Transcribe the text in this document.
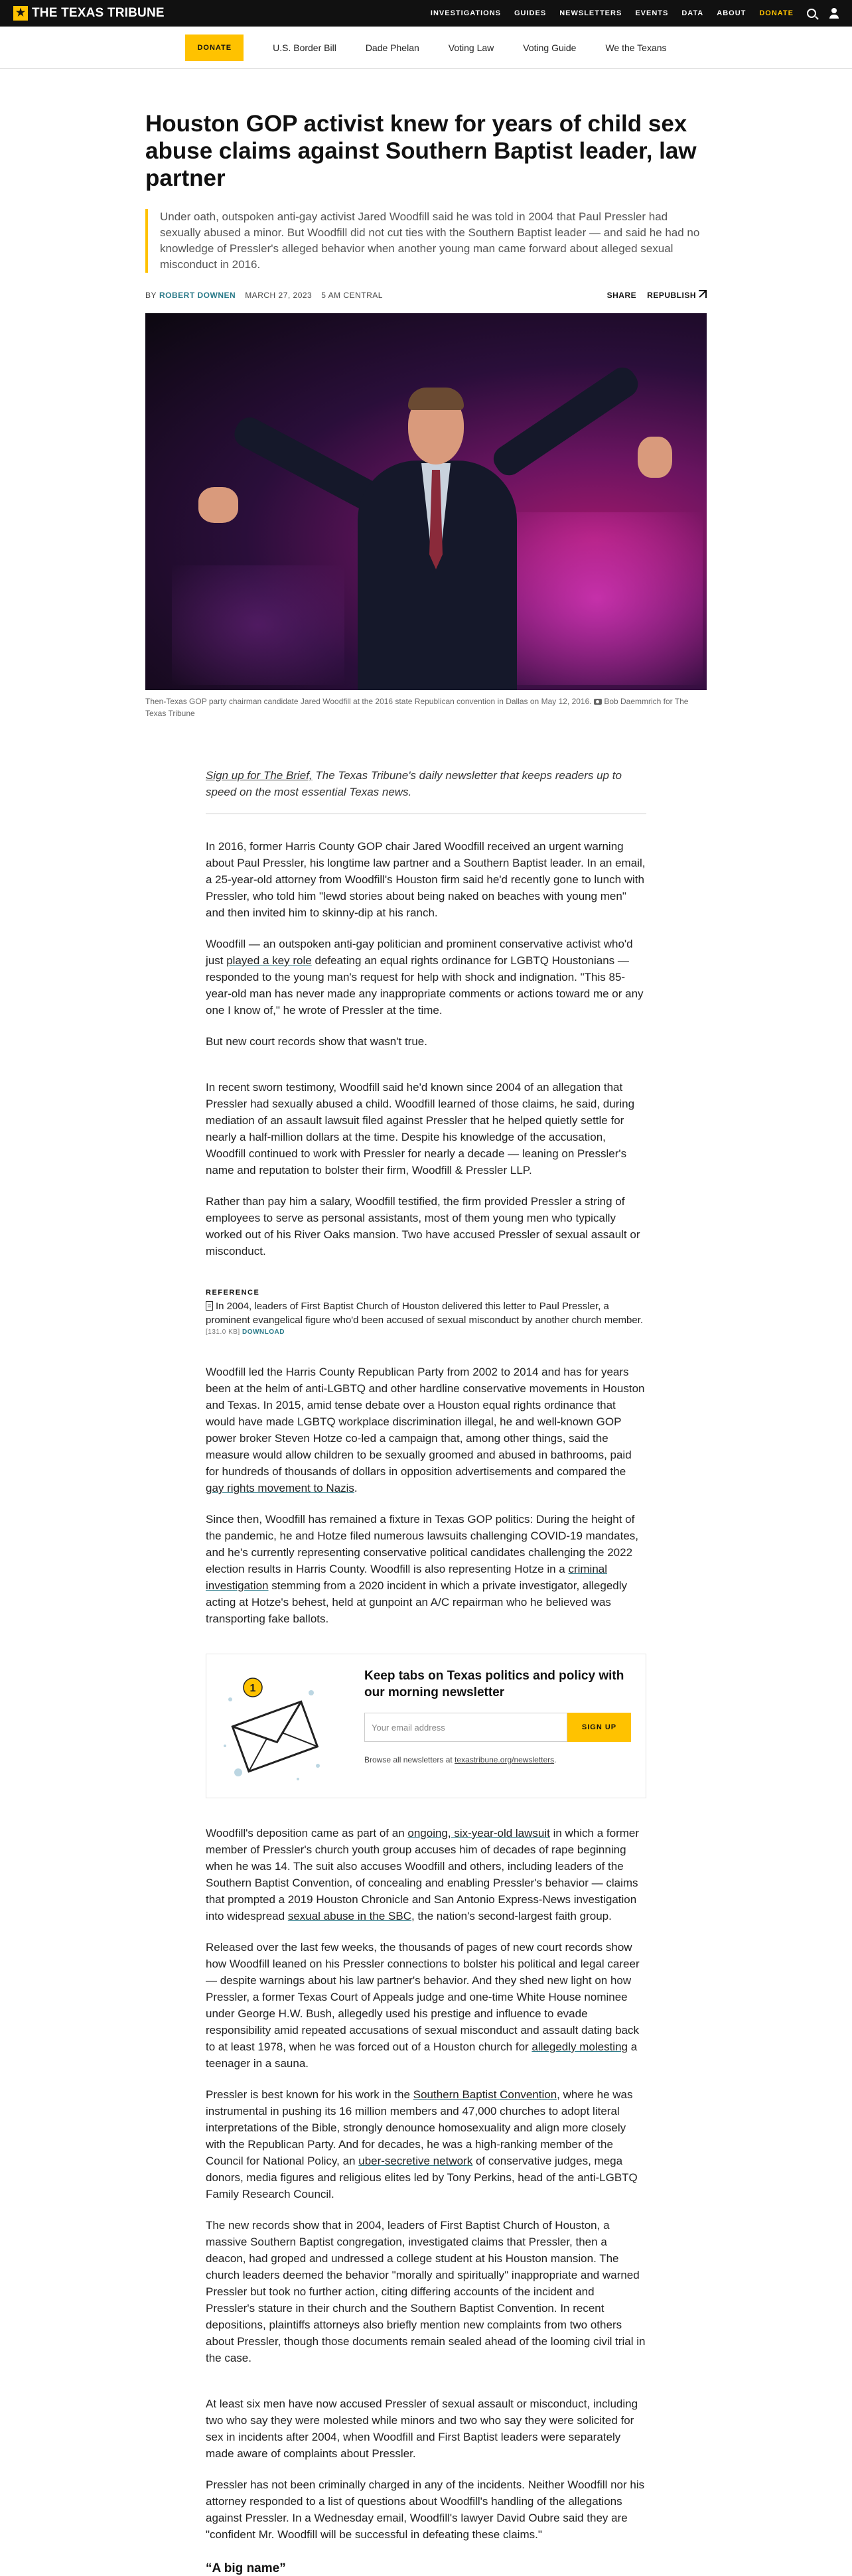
★ THE TEXAS TRIBUNE	INVESTIGATIONS GUIDES NEWSLETTERS EVENTS DATA ABOUT DONATE
DONATE	U.S. Border Bill	Dade Phelan	Voting Law	Voting Guide	We the Texans
Houston GOP activist knew for years of child sex abuse claims against Southern Baptist leader, law partner
Under oath, outspoken anti-gay activist Jared Woodfill said he was told in 2004 that Paul Pressler had sexually abused a minor. But Woodfill did not cut ties with the Southern Baptist leader — and said he had no knowledge of Pressler's alleged behavior when another young man came forward about alleged sexual misconduct in 2016.
BY ROBERT DOWNEN MARCH 27, 2023 5 AM CENTRAL	SHARE REPUBLISH
Then-Texas GOP party chairman candidate Jared Woodfill at the 2016 state Republican convention in Dallas on May 12, 2016. Bob Daemmrich for The Texas Tribune

Sign up for The Brief, The Texas Tribune's daily newsletter that keeps readers up to speed on the most essential Texas news.

In 2016, former Harris County GOP chair Jared Woodfill received an urgent warning about Paul Pressler, his longtime law partner and a Southern Baptist leader. In an email, a 25-year-old attorney from Woodfill's Houston firm said he'd recently gone to lunch with Pressler, who told him "lewd stories about being naked on beaches with young men" and then invited him to skinny-dip at his ranch.

Woodfill — an outspoken anti-gay politician and prominent conservative activist who'd just played a key role defeating an equal rights ordinance for LGBTQ Houstonians — responded to the young man's request for help with shock and indignation. "This 85-year-old man has never made any inappropriate comments or actions toward me or any one I know of," he wrote of Pressler at the time.

But new court records show that wasn't true.

In recent sworn testimony, Woodfill said he'd known since 2004 of an allegation that Pressler had sexually abused a child. Woodfill learned of those claims, he said, during mediation of an assault lawsuit filed against Pressler that he helped quietly settle for nearly a half-million dollars at the time. Despite his knowledge of the accusation, Woodfill continued to work with Pressler for nearly a decade — leaning on Pressler's name and reputation to bolster their firm, Woodfill & Pressler LLP.

Rather than pay him a salary, Woodfill testified, the firm provided Pressler a string of employees to serve as personal assistants, most of them young men who typically worked out of his River Oaks mansion. Two have accused Pressler of sexual assault or misconduct.

REFERENCE
In 2004, leaders of First Baptist Church of Houston delivered this letter to Paul Pressler, a prominent evangelical figure who'd been accused of sexual misconduct by another church member.
[131.0 KB] DOWNLOAD

Woodfill led the Harris County Republican Party from 2002 to 2014 and has for years been at the helm of anti-LGBTQ and other hardline conservative movements in Houston and Texas. In 2015, amid tense debate over a Houston equal rights ordinance that would have made LGBTQ workplace discrimination illegal, he and well-known GOP power broker Steven Hotze co-led a campaign that, among other things, said the measure would allow children to be sexually groomed and abused in bathrooms, paid for hundreds of thousands of dollars in opposition advertisements and compared the gay rights movement to Nazis.

Since then, Woodfill has remained a fixture in Texas GOP politics: During the height of the pandemic, he and Hotze filed numerous lawsuits challenging COVID-19 mandates, and he's currently representing conservative political candidates challenging the 2022 election results in Harris County. Woodfill is also representing Hotze in a criminal investigation stemming from a 2020 incident in which a private investigator, allegedly acting at Hotze's behest, held at gunpoint an A/C repairman who he believed was transporting fake ballots.

1
Keep tabs on Texas politics and policy with our morning newsletter
Your email address	SIGN UP
Browse all newsletters at texastribune.org/newsletters.

Woodfill's deposition came as part of an ongoing, six-year-old lawsuit in which a former member of Pressler's church youth group accuses him of decades of rape beginning when he was 14. The suit also accuses Woodfill and others, including leaders of the Southern Baptist Convention, of concealing and enabling Pressler's behavior — claims that prompted a 2019 Houston Chronicle and San Antonio Express-News investigation into widespread sexual abuse in the SBC, the nation's second-largest faith group.

Released over the last few weeks, the thousands of pages of new court records show how Woodfill leaned on his Pressler connections to bolster his political and legal career — despite warnings about his law partner's behavior. And they shed new light on how Pressler, a former Texas Court of Appeals judge and one-time White House nominee under George H.W. Bush, allegedly used his prestige and influence to evade responsibility amid repeated accusations of sexual misconduct and assault dating back to at least 1978, when he was forced out of a Houston church for allegedly molesting a teenager in a sauna.

Pressler is best known for his work in the Southern Baptist Convention, where he was instrumental in pushing its 16 million members and 47,000 churches to adopt literal interpretations of the Bible, strongly denounce homosexuality and align more closely with the Republican Party. And for decades, he was a high-ranking member of the Council for National Policy, an uber-secretive network of conservative judges, mega donors, media figures and religious elites led by Tony Perkins, head of the anti-LGBTQ Family Research Council.

The new records show that in 2004, leaders of First Baptist Church of Houston, a massive Southern Baptist congregation, investigated claims that Pressler, then a deacon, had groped and undressed a college student at his Houston mansion. The church leaders deemed the behavior "morally and spiritually" inappropriate and warned Pressler but took no further action, citing differing accounts of the incident and Pressler's stature in their church and the Southern Baptist Convention. In recent depositions, plaintiffs attorneys also briefly mention new complaints from two others about Pressler, though those documents remain sealed ahead of the looming civil trial in the case.

At least six men have now accused Pressler of sexual assault or misconduct, including two who say they were molested while minors and two who say they were solicited for sex in incidents after 2004, when Woodfill and First Baptist leaders were separately made aware of complaints about Pressler.

Pressler has not been criminally charged in any of the incidents. Neither Woodfill nor his attorney responded to a list of questions about Woodfill's handling of the allegations against Pressler. In a Wednesday email, Woodfill's lawyer David Oubre said they are "confident Mr. Woodfill will be successful in defeating these claims."

“A big name”
